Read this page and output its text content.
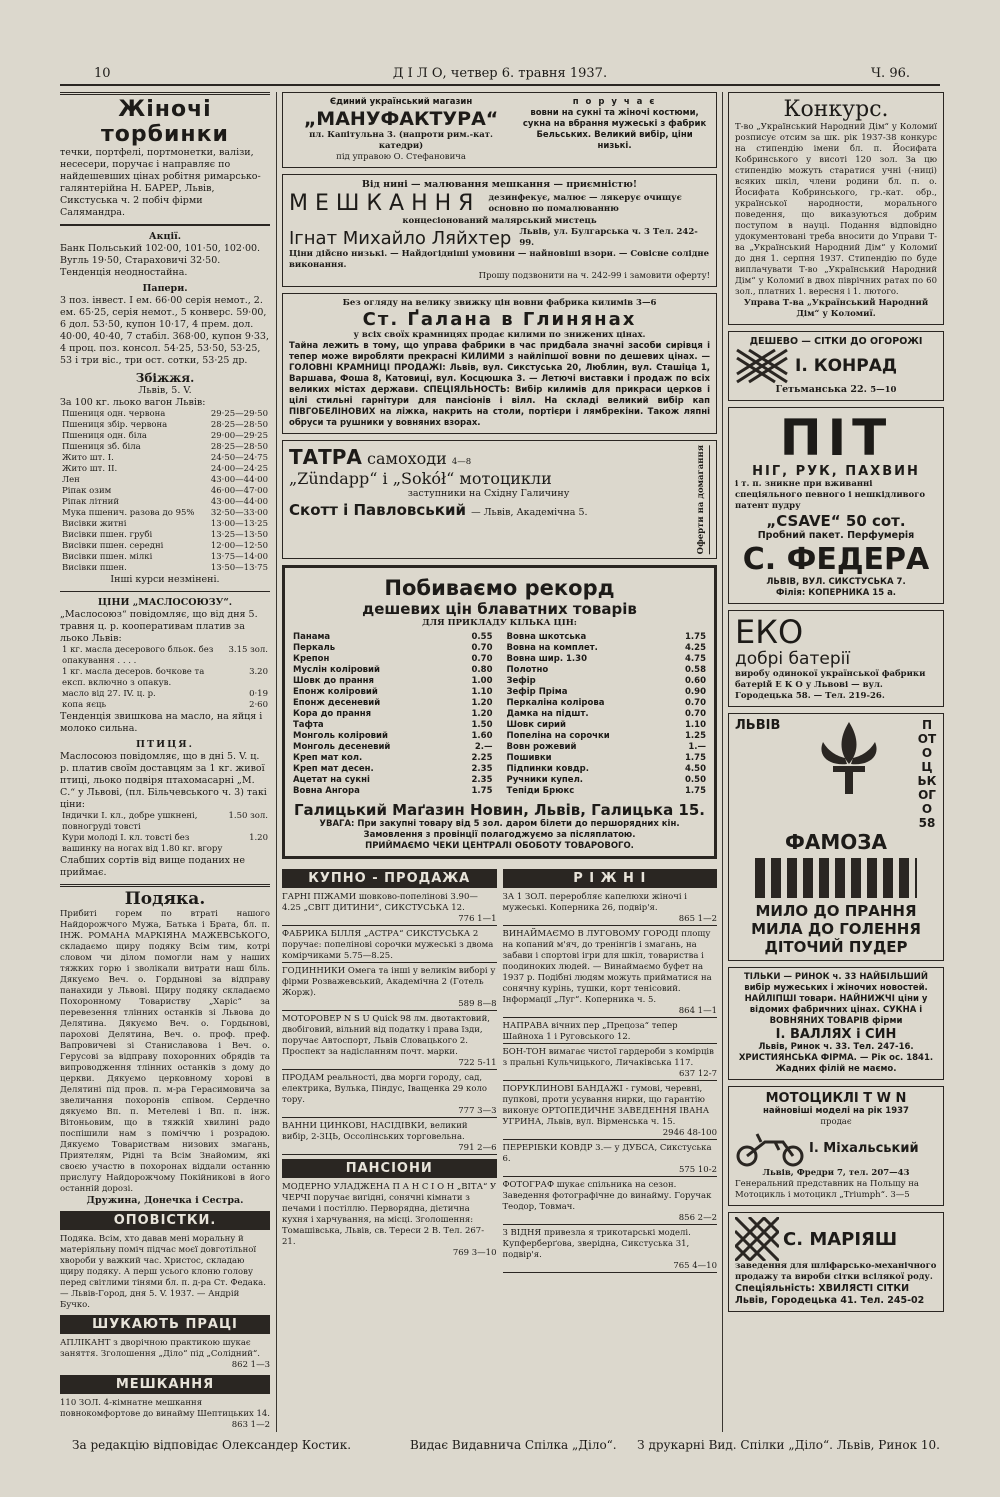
10	Д І Л О, четвер 6. травня 1937.	Ч. 96.
Жіночі торбинки
течки, портфелі, портмонетки, валізи, несесери, поручає і направляє по найдешевших цінах робітня римарсько-галянтерійна Н. БАРЕР, Львів, Сикстуська ч. 2 побіч фірми Салямандра.
Акції.
Банк Польський 102·00, 101·50, 102·00. Вугль 19·50, Стараховичі 32·50. Тенденція неодностайна.
Папери.
3 поз. інвест. І ем. 66·00 серія немот., 2. ем. 65·25, серія немот., 5 конверс. 59·00, 6 дол. 53·50, купон 10·17, 4 прем. дол. 40·00, 40·40, 7 стабіл. 368·00, купон 9·33, 4 проц. поз. консол. 54·25, 53·50, 53·25, 53 і три віс., три ост. сотки, 53·25 др.
Збіжжя.
Львів, 5. V.
За 100 кг. льоко вагон Львів:
Пшениця одн. червона	29·25—29·50
Пшениця збір. червона	28·25—28·50
Пшениця одн. біла	29·00—29·25
Пшениця зб. біла	28·25—28·50
Жито шт. І.	24·50—24·75
Жито шт. ІІ.	24·00—24·25
Лен	43·00—44·00
Ріпак озим	46·00—47·00
Ріпак літний	43·00—44·00
Мука пшенич. разова до 95%	32·50—33·00
Висівки житні	13·00—13·25
Висівки пшен. грубі	13·25—13·50
Висівки пшен. середні	12·00—12·50
Висівки пшен. мілкі	13·75—14·00
Висівки пшен.	13·50—13·75
Інші курси незмінені.
ЦІНИ „МАСЛОСОЮЗУ“.
„Маслосоюз“ повідомляє, що від дня 5. травня ц. р. кооперативам платив за льоко Львів:
1 кг. масла десерового бльок. без опакування . . . .	3.15 зол.
1 кг. масла десеров. бочкове та експ. включно з опакув.	3.20
масло від 27. IV. ц. р.	0·19
копа яєць	2·60
Тенденція звишкова на масло, на яйця і молоко сильна.
ПТИЦЯ.
Маслосоюз повідомляє, що в дні 5. V. ц. р. платив своїм доставцям за 1 кг. живої птиці, льоко подвіря птахомасарні „М. С.“ у Львові, (пл. Більчевського ч. 3) такі ціни:
Індички І. кл., добре ушкнені, повногруді товсті	1.50 зол.
Кури молоді І. кл. товсті без вашинку на ногах від 1.80 кг. вгору	1.20
Слабших сортів від вище поданих не приймає.
Подяка.
Прибиті горем по втраті нашого Найдорожчого Мужа, Батька і Брата, бл. п. ІНЖ. РОМАНА МАРКІЯНА МАЖЕВСЬКОГО, складаємо щиру подяку Всім тим, котрі словом чи ділом помогли нам у наших тяжких горю і зволікали витрати наш біль. Дякуємо Веч. о. Гордынові за відправу панахиди у Львові. Щиру подяку складаємо Похоронному Товариству „Харіс“ за перевезення тлінних останків зі Львова до Делятина. Дякуємо Веч. о. Гордынові, парохові Делятина, Веч. о. проф. преф. Вапровичеві зі Станиславова і Веч. о. Герусові за відправу похоронних обрядів та випроводження тлінних останків з дому до церкви. Дякуємо церковному хорові в Делятині під пров. п. м-ра Герасимовича за звеличання похоронів співом. Сердечно дякуємо Вп. п. Метелеві і Вп. п. інж. Вітоньовим, що в тяжкій хвилині радо поспішили нам з поміччю і розрадою. Дякуємо Товариствам низових змагань, Приятелям, Рідні та Всім Знайомим, які своєю участю в похоронах віддали останню прислугу Найдорожчому Покійникові в його останній дорозі.
Дружина, Донечка і Сестра.
ОПОВІСТКИ.
Подяка. Всім, хто давав мені моральну й матеріяльну поміч підчас моєї довготільної хвороби у важкий час. Христос, складаю щиру подяку. А перш усього клоню голову перед світлими тінями бл. п. д-ра Ст. Федака. — Львів-Город, дня 5. V. 1937. — Андрій Бучко.
ШУКАЮТЬ ПРАЦІ
АПЛІКАНТ з дворічною практикою шукає заняття. Зголошення „Діло“ під „Солідний“.
862 1—3
МЕШКАННЯ
110 ЗОЛ. 4-кімнатне мешкання повнокомфортове до винайму Шептицьких 14.
863 1—2

Єдиний український магазин

„МАНУФАКТУРА“

пл. Капітульна 3. (напроти рим.-кат. катедри)

під управою О. Стефановича

п о р у ч а є

вовни на сукні та жіночі костюми, сукна на вбрання мужеські з фабрик Бельських. Великий вибір, ціни низькі.

Від нині — малювання мешкання — приємністю!

МЕШКАННЯ дезинфекує, малює — лякерує очищує основно по помалюванню

концесіонований малярський мистець

Ігнат Михайло Ляйхтер Львів, ул. Булгарська ч. 3 Тел. 242-99.

Ціни дійсно низькі. — Найдогідніші умовини — найновіші взори. — Совісне солідне виконання.

Прошу подзвонити на ч. 242-99 і замовити оферту!

Без огляду на велику звижку цін вовни фабрика килимів 3—6

Ст. Ґалана в Глинянах

у всіх своїх крамницях продає килими по знижених цінах.

Тайна лежить в тому, що управа фабрики в час придбала значні засоби сирівця і тепер може виробляти прекрасні КИЛИМИ з найліпшої вовни по дешевих цінах. — ГОЛОВНІ КРАМНИЦІ ПРОДАЖІ: Львів, вул. Сикстуська 20, Люблин, вул. Сташіца 1, Варшава, Фоша 8, Катовиці, вул. Косцюшка 3. — Летючі виставки і продаж по всіх великих містах держави. СПЕЦІЯЛЬНОСТЬ: Вибір килимів для прикраси церков і цілі стильні гарнітури для пансіонів і вілл. На складі великий вибір кап ПІВГОБЕЛІНОВИХ на ліжка, накрить на столи, портієри і лямбрекіни. Також ляпні обруси та рушники у вовняних взорах.

ТАТРА самоходи 4—8

„Zündapp“ і „Sokół“ мотоцикли

заступники на Східну Галичину

Скотт і Павловський — Львів, Академічна 5.	Оферти на домагання

Побиваємо рекорд

дешевих цін блаватних товарів

ДЛЯ ПРИКЛАДУ КІЛЬКА ЦІН:

Панама	0.55
Перкаль	0.70
Крепон	0.70
Муслін коліровий	0.80
Шовк до прання	1.00
Епонж коліровий	1.10
Епонж десеневий	1.20
Кора до прання	1.20
Тафта	1.50
Монголь коліровий	1.60
Монголь десеневий	2.—
Креп мат кол.	2.25
Креп мат десен.	2.35
Ацетат на сукні	2.35
Вовна Ангора	1.75
Вовна шкотська	1.75
Вовна на комплет.	4.25
Вовна шир. 1.30	4.75
Полотно	0.58
Зефір	0.60
Зефір Пріма	0.90
Перкаліна колірова	0.70
Дамка на підшт.	0.70
Шовк сирий	1.10
Попеліна на сорочки	1.25
Вовн рожевий	1.—
Пошивки	1.75
Підпинки ковдр.	4.50
Ручники купел.	0.50
Тепіди Брюкс	1.75

Галицький Маґазин Новин, Львів, Галицька 15.

УВАГА: При закупні товару від 5 зол. даром білети до першорядних кін. Замовлення з провінції полагоджуємо за післяплатою.

ПРИЙМАЄМО ЧЕКИ ЦЕНТРАЛІ ОБОБОТУ ТОВАРОВОГО.

КУПНО - ПРОДАЖА
ГАРНІ ПІЖАМИ шовково-попелінові 3.90—4.25 „СВІТ ДИТИНИ“, СИКСТУСЬКА 12.
776 1—1
ФАБРИКА БІЛЛЯ „АСТРА“ СИКСТУСЬКА 2 поручає: попелінові сорочки мужеські з двома комірчиками 5.75—8.25.
ГОДИННИКИ Омега та інші у великім виборі у фірми Розважевський, Академічна 2 (Готель Жорж).
589 8—8
МОТОРОВЕР N S U Quick 98 лм. двотактовий, двобіговий, вільний від податку і права їзди, поручає Автоспорт, Львів Словацького 2. Проспект за надісланням почт. марки.
722 5-11
ПРОДАМ реальності, два морги городу, сад, електрика, Вулька, Піндус, Іващенка 29 коло тору.
777 3—3
ВАННИ ЦИНКОВІ, НАСІДІВКИ, великий вибір, 2-3ЦЬ, Оссолінських торговельна.
791 2—6
ПАНСІОНИ
МОДЕРНО УЛАДЖЕНА П А Н С І О Н „ВІТА“ У ЧЕРЧІ поручає вигідні, сонячні кімнати з печами і постіллю. Перворядна, дієтична кухня і харчування, на місці. Зголошення: Томашівська, Львів, св. Тереси 2 В. Тел. 267-21.
769 3—10
Р І Ж Н І
ЗА 1 ЗОЛ. переробляє капелюхи жіночі і мужеські. Коперника 26, подвір'я.
865 1—2
ВИНАЙМАЄМО В ЛУГОВОМУ ГОРОДІ площу на копаний м'яч, до тренінгів і змагань, на забави і спортові ігри для шкіл, товариства і поодиноких людей. — Винаймаємо буфет на 1937 р. Подібні людям можуть прийматися на сонячну курінь, тушки, корт тенісовий. Інформації „Луг“. Коперника ч. 5.
864 1—1
НАПРАВА вічних пер „Прецоза“ тепер Шайноха 1 і Руговського 12.
БОН-ТОН вимагає чистої гардероби з комірців з пральні Кульчицького, Личаківська 117.
637 12-7
ПОРУКЛИНОВІ БАНДАЖІ - гумові, черевні, пупкові, проти усування нирки, що гарантію виконує ОРТОПЕДИЧНЕ ЗАВЕДЕННЯ ІВАНА УГРИНА, Львів, вул. Вірменська ч. 15.
2946 48-100
ПЕРЕРІБКИ КОВДР 3.— у ДУБСА, Сикстуська 6.
575 10-2
ФОТОГРАФ шукає спільника на сезон. Заведення фотографічне до винайму. Горучак Теодор, Товмач.
856 2—2
З ВІДНЯ привезла я трикотарські моделі. Купферберґова, зверідна, Сикстуська 31, подвір'я.
765 4—10

Конкурс.

Т-во „Український Народний Дім“ у Коломиї розписує отсим за шк. рік 1937-38 конкурс на стипендію імени бл. п. Йосифата Кобринського у висоті 120 зол. За цю стипендію можуть старатися учні (-ниці) всяких шкіл, члени родини бл. п. о. Йосифата Кобринського, гр.-кат. обр., української народности, морального поведення, що виказуються добрим поступом в науці. Подання відповідно удокументовані треба вносити до Управи Т-ва „Український Народний Дім“ у Коломиї до дня 1. серпня 1937. Стипендію по буде виплачувати Т-во „Український Народний Дім“ у Коломиї в двох піврічних ратах по 60 зол., платних 1. вересня і 1. лютого.

Управа Т-ва „Український Народний Дім“ у Коломиї.

ДЕШЕВО — СІТКИ ДО ОГОРОЖІ

І. КОНРАД

Гетьманська 22. 5—10

ПІТ

НІГ, РУК, ПАХВИН

і т. п. зникне при вживанні спеціяльного певного і нешкідливого патент пудру

„CSAVE“ 50 сот.

Пробний пакет. Перфумерія

С. ФЕДЕРА

ЛЬВІВ, ВУЛ. СИКСТУСЬКА 7.

Філія: КОПЕРНИКА 15 а.

ЕКО

добрі батерії

виробу одинокої української фабрики батерій Е К О у Львові — вул. Городецька 58. — Тел. 219-26.

ЛЬВІВ	ПОТОЦЬКОГО 58

ФАМОЗА

МИЛО ДО ПРАННЯ

МИЛА ДО ГОЛЕННЯ

ДІТОЧИЙ ПУДЕР

ТІЛЬКИ — РИНОК ч. 33 НАЙБІЛЬШИЙ вибір мужеських і жіночих новостей. НАЙЛІПШІ товари. НАЙНИЖЧІ ціни у відомих фабричних цінах. СУКНА і ВОВНЯНИХ ТОВАРІВ фірми

І. ВАЛЛЯХ і СИН

Львів, Ринок ч. 33. Тел. 247-16. ХРИСТИЯНСЬКА ФІРМА. — Рік ос. 1841. Жадних філій не маємо.

МОТОЦИКЛІ T W N

найновіші моделі на рік 1937

продає

І. Міхальський

Львів, Фредри 7, тел. 207—43

Генеральний представник на Польщу на Мотоцикль і мотоцикл „Triumph“. 3—5

С. МАРІЯШ

заведення для шліфарсько-механічного продажу та вироби сітки всілякої роду.

Спеціяльність: ХВИЛЯСТІ СІТКИ

Львів, Городецька 41. Тел. 245-02

За редакцію відповідає Олександер Костик.	Видає Видавнича Спілка „Діло“. З друкарні Вид. Спілки „Діло“. Львів, Ринок 10.
